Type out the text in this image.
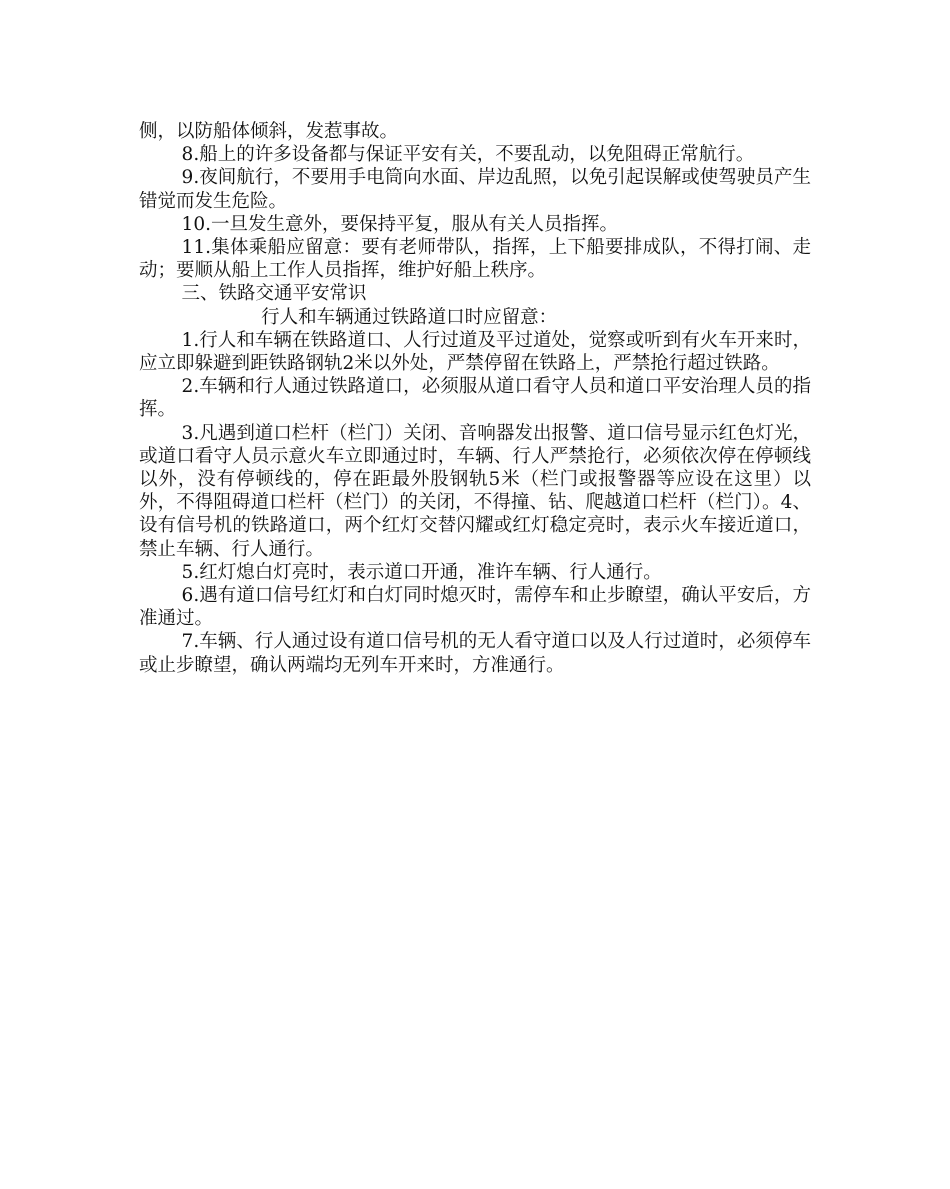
侧，以防船体倾斜，发惹事故。

8.船上的许多设备都与保证平安有关，不要乱动，以免阻碍正常航行。

9.夜间航行，不要用手电筒向水面、岸边乱照，以免引起误解或使驾驶员产生错觉而发生危险。

10.一旦发生意外，要保持平复，服从有关人员指挥。

11.集体乘船应留意：要有老师带队，指挥，上下船要排成队，不得打闹、走动；要顺从船上工作人员指挥，维护好船上秩序。

三、铁路交通平安常识

行人和车辆通过铁路道口时应留意：

1.行人和车辆在铁路道口、人行过道及平过道处，觉察或听到有火车开来时，应立即躲避到距铁路钢轨2米以外处，严禁停留在铁路上，严禁抢行超过铁路。

2.车辆和行人通过铁路道口，必须服从道口看守人员和道口平安治理人员的指挥。

3.凡遇到道口栏杆（栏门）关闭、音响器发出报警、道口信号显示红色灯光，或道口看守人员示意火车立即通过时，车辆、行人严禁抢行，必须依次停在停顿线以外，没有停顿线的，停在距最外股钢轨5米（栏门或报警器等应设在这里）以外，不得阻碍道口栏杆（栏门）的关闭，不得撞、钻、爬越道口栏杆（栏门）。4、设有信号机的铁路道口，两个红灯交替闪耀或红灯稳定亮时，表示火车接近道口，禁止车辆、行人通行。

5.红灯熄白灯亮时，表示道口开通，准许车辆、行人通行。

6.遇有道口信号红灯和白灯同时熄灭时，需停车和止步瞭望，确认平安后，方准通过。

7.车辆、行人通过设有道口信号机的无人看守道口以及人行过道时，必须停车或止步瞭望，确认两端均无列车开来时，方准通行。
